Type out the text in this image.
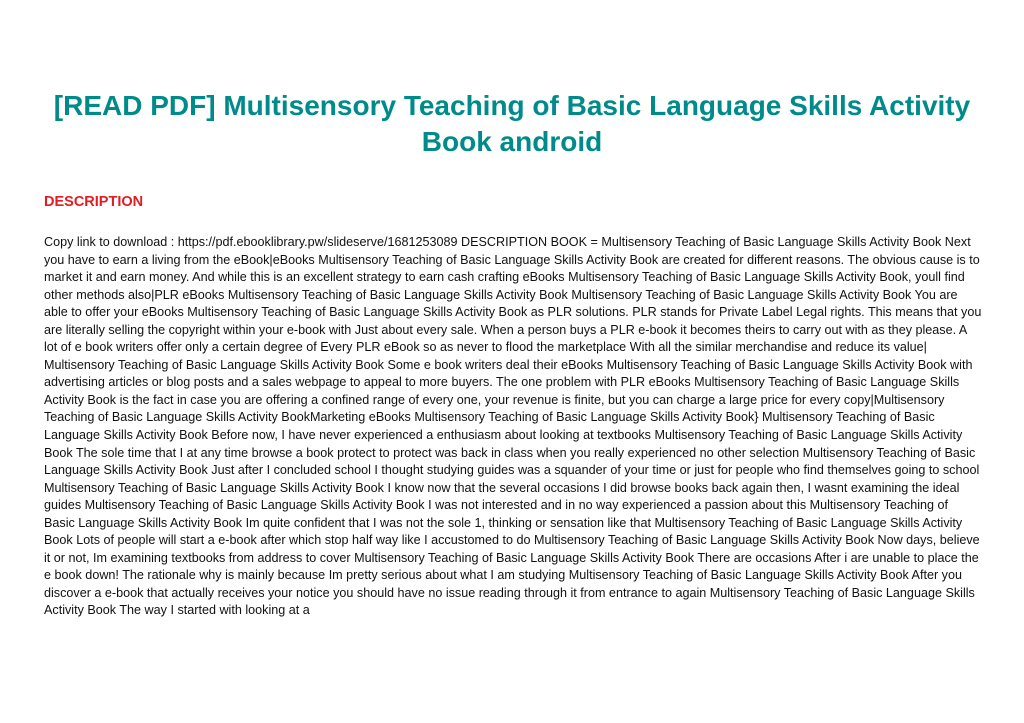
[READ PDF] Multisensory Teaching of Basic Language Skills Activity Book android
DESCRIPTION

Copy link to download : https://pdf.ebooklibrary.pw/slideserve/1681253089 DESCRIPTION BOOK = Multisensory Teaching of Basic Language Skills Activity Book Next you have to earn a living from the eBook|eBooks Multisensory Teaching of Basic Language Skills Activity Book are created for different reasons. The obvious cause is to market it and earn money. And while this is an excellent strategy to earn cash crafting eBooks Multisensory Teaching of Basic Language Skills Activity Book, youll find other methods also|PLR eBooks Multisensory Teaching of Basic Language Skills Activity Book Multisensory Teaching of Basic Language Skills Activity Book You are able to offer your eBooks Multisensory Teaching of Basic Language Skills Activity Book as PLR solutions. PLR stands for Private Label Legal rights. This means that you are literally selling the copyright within your e-book with Just about every sale. When a person buys a PLR e-book it becomes theirs to carry out with as they please. A lot of e book writers offer only a certain degree of Every PLR eBook so as never to flood the marketplace With all the similar merchandise and reduce its value| Multisensory Teaching of Basic Language Skills Activity Book Some e book writers deal their eBooks Multisensory Teaching of Basic Language Skills Activity Book with advertising articles or blog posts and a sales webpage to appeal to more buyers. The one problem with PLR eBooks Multisensory Teaching of Basic Language Skills Activity Book is the fact in case you are offering a confined range of every one, your revenue is finite, but you can charge a large price for every copy|Multisensory Teaching of Basic Language Skills Activity BookMarketing eBooks Multisensory Teaching of Basic Language Skills Activity Book} Multisensory Teaching of Basic Language Skills Activity Book Before now, I have never experienced a enthusiasm about looking at textbooks Multisensory Teaching of Basic Language Skills Activity Book The sole time that I at any time browse a book protect to protect was back in class when you really experienced no other selection Multisensory Teaching of Basic Language Skills Activity Book Just after I concluded school I thought studying guides was a squander of your time or just for people who find themselves going to school Multisensory Teaching of Basic Language Skills Activity Book I know now that the several occasions I did browse books back again then, I wasnt examining the ideal guides Multisensory Teaching of Basic Language Skills Activity Book I was not interested and in no way experienced a passion about this Multisensory Teaching of Basic Language Skills Activity Book Im quite confident that I was not the sole 1, thinking or sensation like that Multisensory Teaching of Basic Language Skills Activity Book Lots of people will start a e-book after which stop half way like I accustomed to do Multisensory Teaching of Basic Language Skills Activity Book Now days, believe it or not, Im examining textbooks from address to cover Multisensory Teaching of Basic Language Skills Activity Book There are occasions After i are unable to place the e book down! The rationale why is mainly because Im pretty serious about what I am studying Multisensory Teaching of Basic Language Skills Activity Book After you discover a e-book that actually receives your notice you should have no issue reading through it from entrance to again Multisensory Teaching of Basic Language Skills Activity Book The way I started with looking at a
